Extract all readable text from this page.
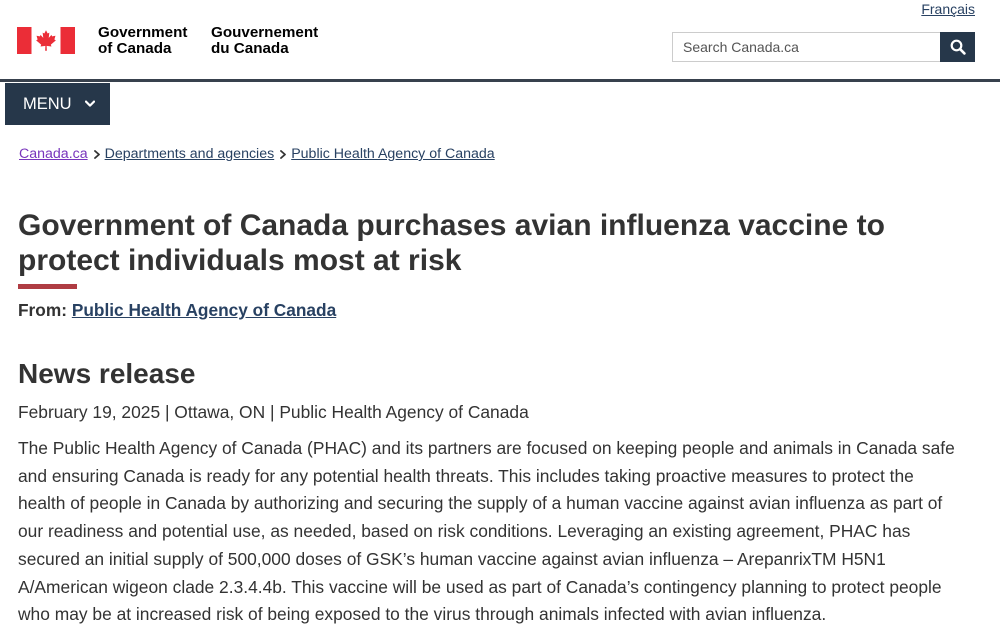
Français
Government
of Canada
Gouvernement
du Canada
Search Canada.ca
MENU
Canada.ca Departments and agencies Public Health Agency of Canada
Government of Canada purchases avian influenza vaccine to protect individuals most at risk
From: Public Health Agency of Canada
News release

February 19, 2025 | Ottawa, ON | Public Health Agency of Canada

The Public Health Agency of Canada (PHAC) and its partners are focused on keeping people and animals in Canada safe
and ensuring Canada is ready for any potential health threats. This includes taking proactive measures to protect the
health of people in Canada by authorizing and securing the supply of a human vaccine against avian influenza as part of
our readiness and potential use, as needed, based on risk conditions. Leveraging an existing agreement, PHAC has
secured an initial supply of 500,000 doses of GSK’s human vaccine against avian influenza – ArepanrixTM H5N1
A/American wigeon clade 2.3.4.4b. This vaccine will be used as part of Canada’s contingency planning to protect people
who may be at increased risk of being exposed to the virus through animals infected with avian influenza.
